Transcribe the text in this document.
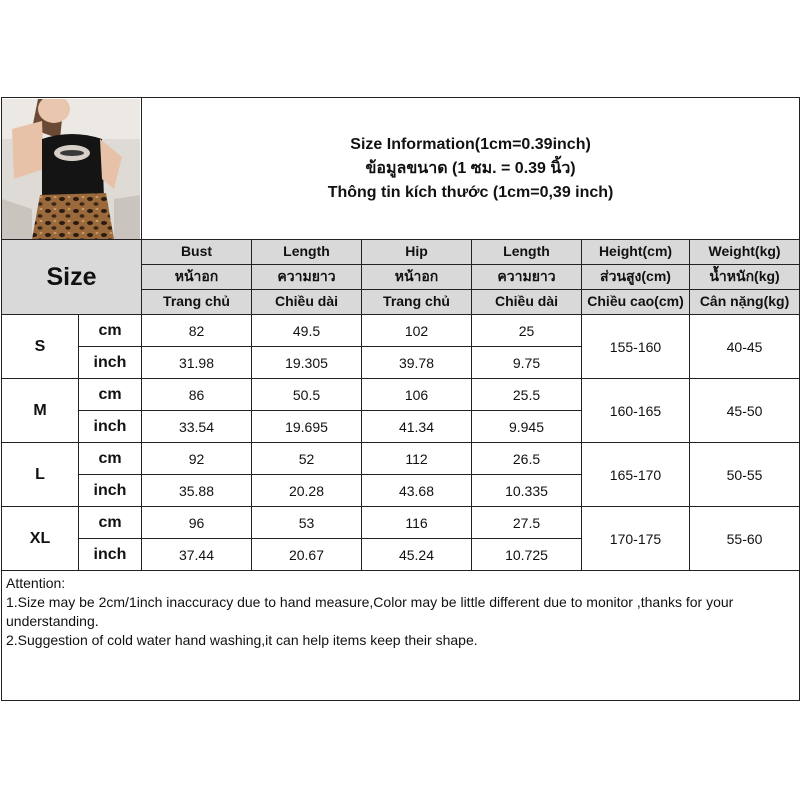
Size Information(1cm=0.39inch)
ข้อมูลขนาด (1 ซม. = 0.39 นิ้ว)
Thông tin kích thước (1cm=0,39 inch)					

Size		Bust	Length	Hip	Length	Height(cm)	Weight(kg)
		หน้าอก	ความยาว	หน้าอก	ความยาว	ส่วนสูง(cm)	น้ำหนัก(kg)
		Trang chủ	Chiều dài	Trang chủ	Chiều dài	Chiều cao(cm)	Cân nặng(kg)
S	cm	82	49.5	102	25	155-160	40-45
	inch	31.98	19.305	39.78	9.75		
M	cm	86	50.5	106	25.5	160-165	45-50
	inch	33.54	19.695	41.34	9.945		
L	cm	92	52	112	26.5	165-170	50-55
	inch	35.88	20.28	43.68	10.335		
XL	cm	96	53	116	27.5	170-175	55-60
	inch	37.44	20.67	45.24	10.725		

Attention:
1.Size may be 2cm/1inch inaccuracy due to hand measure,Color may be little different due to monitor ,thanks for your understanding.
2.Suggestion of cold water hand washing,it can help items keep their shape.							
